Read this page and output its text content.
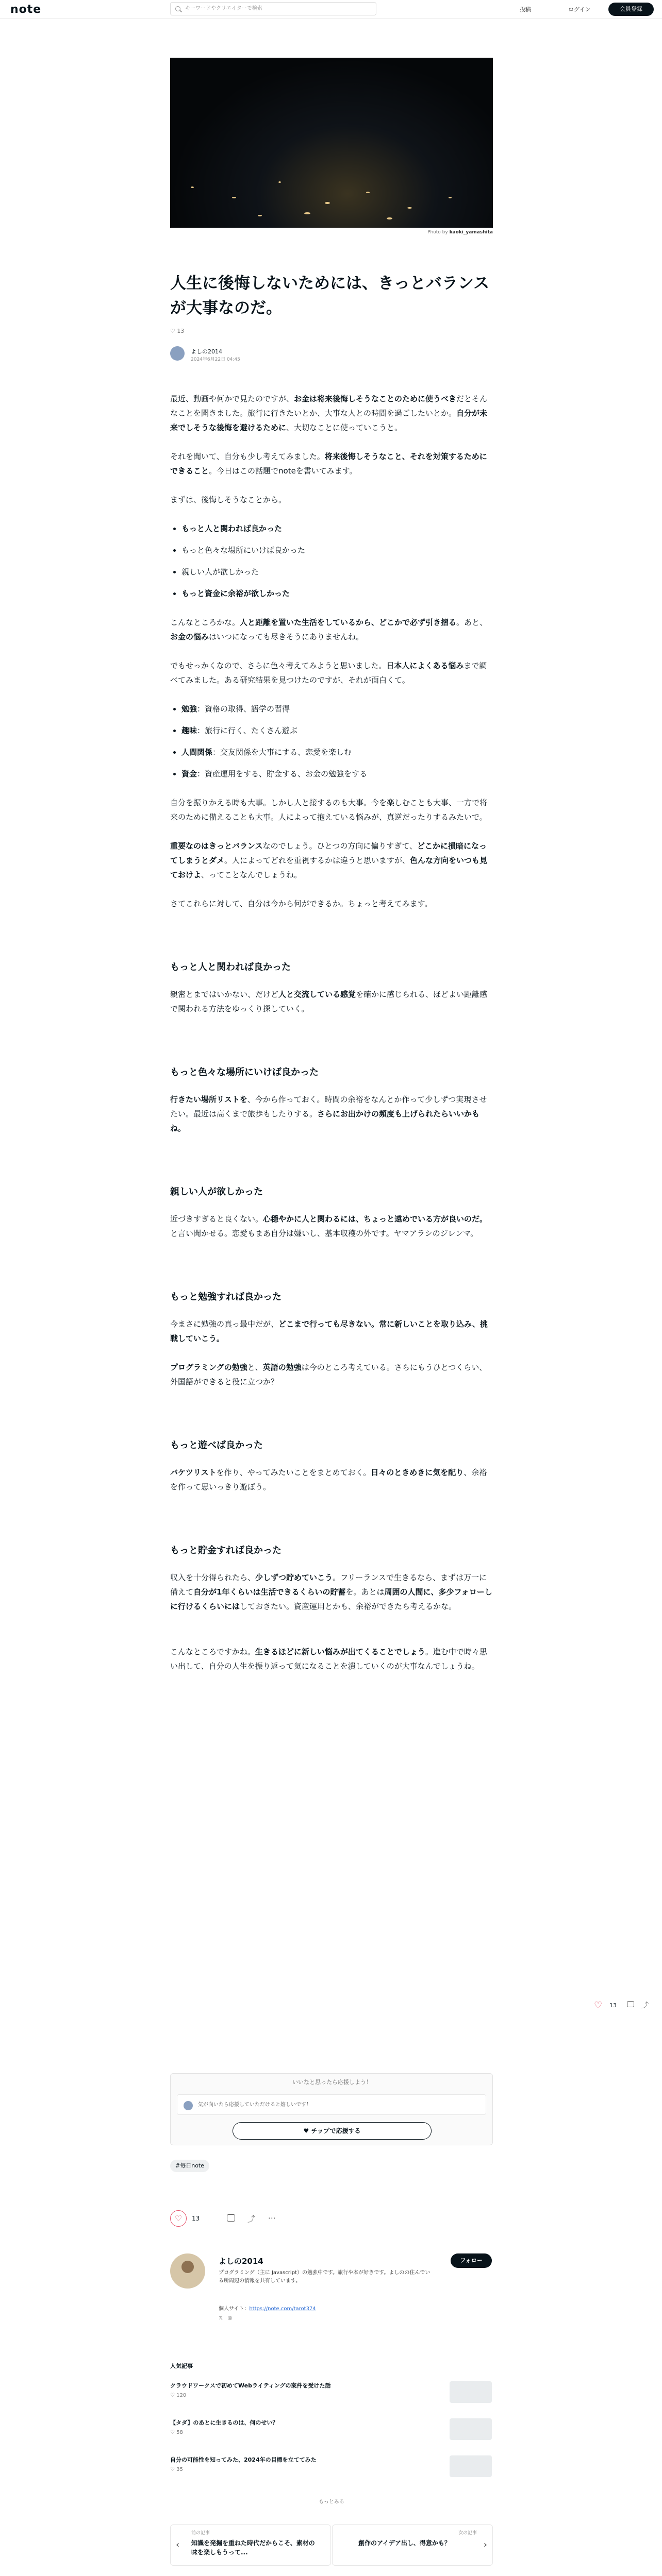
note	キーワードやクリエイターで検索	投稿	ログイン	会員登録
Photo by kaoki_yamashita
人生に後悔しないためには、きっとバランスが大事なのだ。
♡ 13
よしの2014
2024年6月22日 04:45

最近、動画や何かで見たのですが、お金は将来後悔しそうなことのために使うべきだとそんなことを聞きました。旅行に行きたいとか、大事な人との時間を過ごしたいとか。自分が未来でしそうな後悔を避けるために、大切なことに使っていこうと。

それを聞いて、自分も少し考えてみました。将来後悔しそうなこと、それを対策するためにできること。今日はこの話題でnoteを書いてみます。

まずは、後悔しそうなことから。

• もっと人と関われば良かった
• もっと色々な場所にいけば良かった
• 親しい人が欲しかった
• もっと資金に余裕が欲しかった

こんなところかな。人と距離を置いた生活をしているから、どこかで必ず引き摺る。あと、お金の悩みはいつになっても尽きそうにありませんね。

でもせっかくなので、さらに色々考えてみようと思いました。日本人によくある悩みまで調べてみました。ある研究結果を見つけたのですが、それが面白くて。

• 勉強：資格の取得、語学の習得
• 趣味：旅行に行く、たくさん遊ぶ
• 人間関係：交友関係を大事にする、恋愛を楽しむ
• 資金：資産運用をする、貯金する、お金の勉強をする

自分を振りかえる時も大事。しかし人と接するのも大事。今を楽しむことも大事、一方で将来のために備えることも大事。人によって抱えている悩みが、真逆だったりするみたいで。

重要なのはきっとバランスなのでしょう。ひとつの方向に偏りすぎて、どこかに損暗になってしまうとダメ。人によってどれを重視するかは違うと思いますが、色んな方向をいつも見ておけよ、ってことなんでしょうね。

さてこれらに対して、自分は今から何ができるか。ちょっと考えてみます。

もっと人と関われば良かった

親密とまではいかない、だけど人と交流している感覚を確かに感じられる、ほどよい距離感で関われる方法をゆっくり探していく。

もっと色々な場所にいけば良かった

行きたい場所リストを、今から作っておく。時間の余裕をなんとか作って少しずつ実現させたい。最近は高くまで旅歩もしたりする。さらにお出かけの頻度も上げられたらいいかもね。

親しい人が欲しかった

近づきすぎると良くない。心穏やかに人と関わるには、ちょっと遠めでいる方が良いのだ。と言い聞かせる。恋愛もまあ自分は嫌いし、基本収穫の外です。ヤマアラシのジレンマ。

もっと勉強すれば良かった

今まさに勉強の真っ最中だが、どこまで行っても尽きない。常に新しいことを取り込み、挑戦していこう。

プログラミングの勉強と、英語の勉強は今のところ考えている。さらにもうひとつくらい、外国語ができると役に立つか？

もっと遊べば良かった

バケツリストを作り、やってみたいことをまとめておく。日々のときめきに気を配り、余裕を作って思いっきり遊ぼう。

もっと貯金すれば良かった

収入を十分得られたら、少しずつ貯めていこう。フリーランスで生きるなら、まずは万一に備えて自分が1年くらいは生活できるくらいの貯蓄を。あとは周囲の人間に、多少フォローしに行けるくらいにはしておきたい。資産運用とかも、余裕ができたら考えるかな。

こんなところですかね。生きるほどに新しい悩みが出てくることでしょう。進む中で時々思い出して、自分の人生を振り返って気になることを潰していくのが大事なんでしょうね。

いいなと思ったら応援しよう！
気が向いたら応援していただけると嬉しいです！
♥ チップで応援する
#毎日note
♡	13	⤴ ⋯
よしの2014
プログラミング（主に Javascript）の勉強中です。旅行や本が好きです。よしのの住んでいる所周辺の情報を共有しています。
個人サイト：https://note.com/tarot374
𝕏   ◎
フォロー
人気記事
クラウドワークスで初めてWebライティングの案件を受けた話
♡ 120
【タダ】のあとに生きるのは、何のせい？
♡ 58
自分の可能性を知ってみた、2024年の目標を立ててみた
♡ 35
もっとみる
‹
前の記事
知識を発掘を重ねた時代だからこそ、素材の味を楽しもうって...
次の記事
創作のアイデア出し、得意かも？	›
♡ 13	⤴
